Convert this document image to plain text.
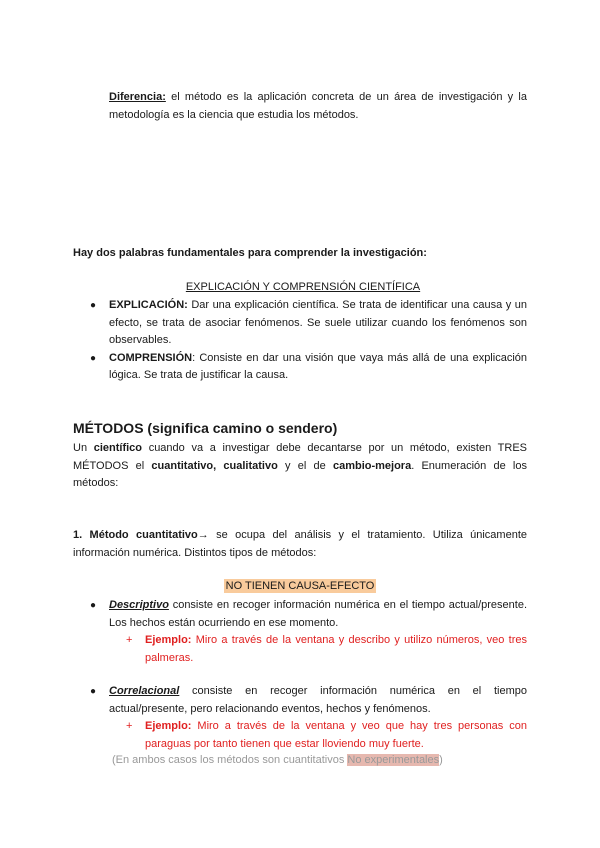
Diferencia: el método es la aplicación concreta de un área de investigación y la metodología es la ciencia que estudia los métodos.
Hay dos palabras fundamentales para comprender la investigación:
EXPLICACIÓN Y COMPRENSIÓN CIENTÍFICA
● EXPLICACIÓN: Dar una explicación científica. Se trata de identificar una causa y un efecto, se trata de asociar fenómenos. Se suele utilizar cuando los fenómenos son observables.
● COMPRENSIÓN: Consiste en dar una visión que vaya más allá de una explicación lógica. Se trata de justificar la causa.
MÉTODOS (significa camino o sendero)
Un científico cuando va a investigar debe decantarse por un método, existen TRES MÉTODOS el cuantitativo, cualitativo y el de cambio-mejora. Enumeración de los métodos:
1. Método cuantitativo→ se ocupa del análisis y el tratamiento. Utiliza únicamente información numérica. Distintos tipos de métodos:
NO TIENEN CAUSA-EFECTO
● Descriptivo consiste en recoger información numérica en el tiempo actual/presente. Los hechos están ocurriendo en ese momento.
+ Ejemplo: Miro a través de la ventana y describo y utilizo números, veo tres palmeras.
● Correlacional consiste en recoger información numérica en el tiempo actual/presente, pero relacionando eventos, hechos y fenómenos.
+ Ejemplo: Miro a través de la ventana y veo que hay tres personas con paraguas por tanto tienen que estar lloviendo muy fuerte.
(En ambos casos los métodos son cuantitativos No experimentales)
